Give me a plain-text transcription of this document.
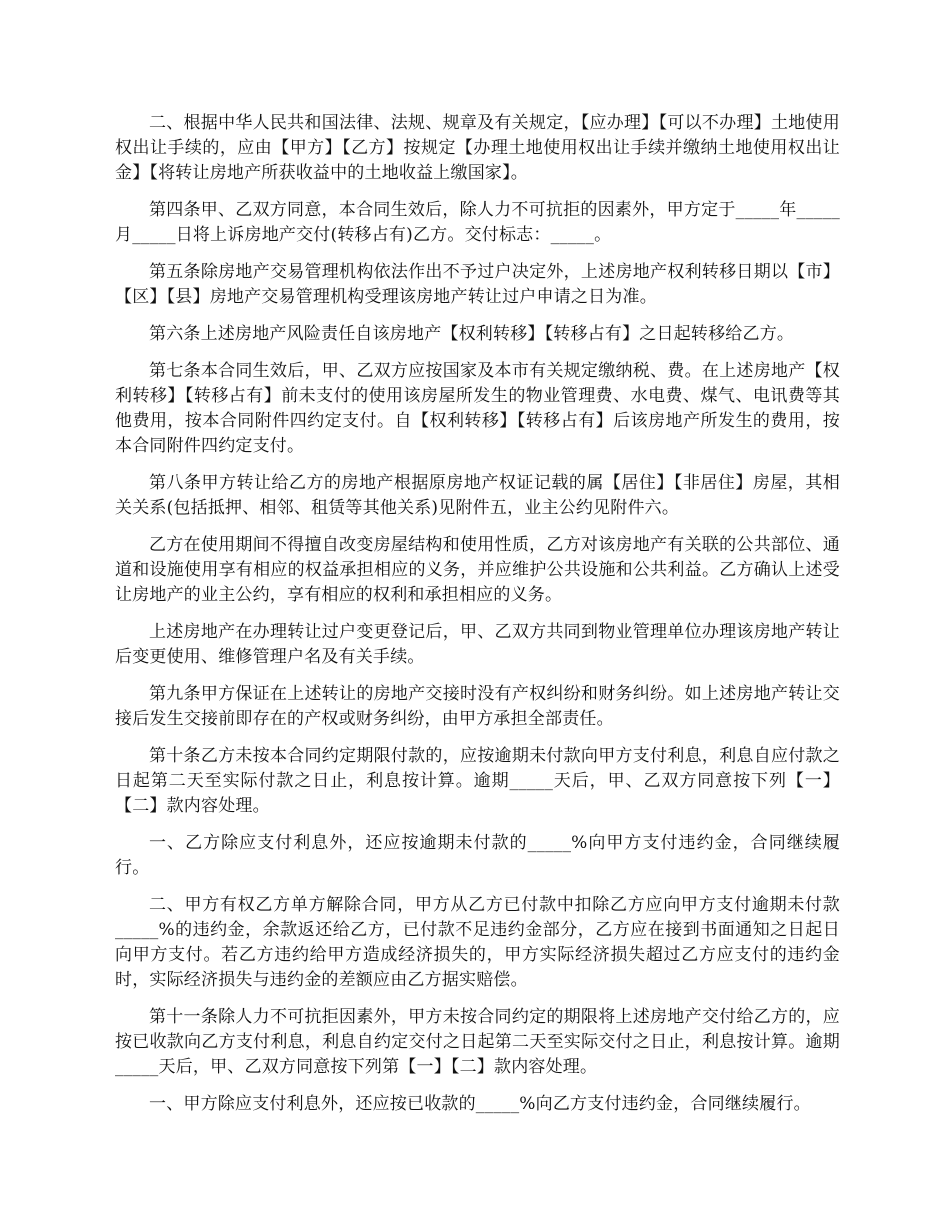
二、根据中华人民共和国法律、法规、规章及有关规定，【应办理】【可以不办理】土地使用权出让手续的，应由【甲方】【乙方】按规定【办理土地使用权出让手续并缴纳土地使用权出让金】【将转让房地产所获收益中的土地收益上缴国家】。

第四条甲、乙双方同意，本合同生效后，除人力不可抗拒的因素外，甲方定于_____年_____月_____日将上诉房地产交付(转移占有)乙方。交付标志：_____。

第五条除房地产交易管理机构依法作出不予过户决定外，上述房地产权利转移日期以【市】【区】【县】房地产交易管理机构受理该房地产转让过户申请之日为准。

第六条上述房地产风险责任自该房地产【权利转移】【转移占有】之日起转移给乙方。

第七条本合同生效后，甲、乙双方应按国家及本市有关规定缴纳税、费。在上述房地产【权利转移】【转移占有】前未支付的使用该房屋所发生的物业管理费、水电费、煤气、电讯费等其他费用，按本合同附件四约定支付。自【权利转移】【转移占有】后该房地产所发生的费用，按本合同附件四约定支付。

第八条甲方转让给乙方的房地产根据原房地产权证记载的属【居住】【非居住】房屋，其相关关系(包括抵押、相邻、租赁等其他关系)见附件五，业主公约见附件六。

乙方在使用期间不得擅自改变房屋结构和使用性质，乙方对该房地产有关联的公共部位、通道和设施使用享有相应的权益承担相应的义务，并应维护公共设施和公共利益。乙方确认上述受让房地产的业主公约，享有相应的权利和承担相应的义务。

上述房地产在办理转让过户变更登记后，甲、乙双方共同到物业管理单位办理该房地产转让后变更使用、维修管理户名及有关手续。

第九条甲方保证在上述转让的房地产交接时没有产权纠纷和财务纠纷。如上述房地产转让交接后发生交接前即存在的产权或财务纠纷，由甲方承担全部责任。

第十条乙方未按本合同约定期限付款的，应按逾期未付款向甲方支付利息，利息自应付款之日起第二天至实际付款之日止，利息按计算。逾期_____天后，甲、乙双方同意按下列【一】【二】款内容处理。

一、乙方除应支付利息外，还应按逾期未付款的_____%向甲方支付违约金，合同继续履行。

二、甲方有权乙方单方解除合同，甲方从乙方已付款中扣除乙方应向甲方支付逾期未付款_____%的违约金，余款返还给乙方，已付款不足违约金部分，乙方应在接到书面通知之日起日向甲方支付。若乙方违约给甲方造成经济损失的，甲方实际经济损失超过乙方应支付的违约金时，实际经济损失与违约金的差额应由乙方据实赔偿。

第十一条除人力不可抗拒因素外，甲方未按合同约定的期限将上述房地产交付给乙方的，应按已收款向乙方支付利息，利息自约定交付之日起第二天至实际交付之日止，利息按计算。逾期_____天后，甲、乙双方同意按下列第【一】【二】款内容处理。

一、甲方除应支付利息外，还应按已收款的_____%向乙方支付违约金，合同继续履行。
